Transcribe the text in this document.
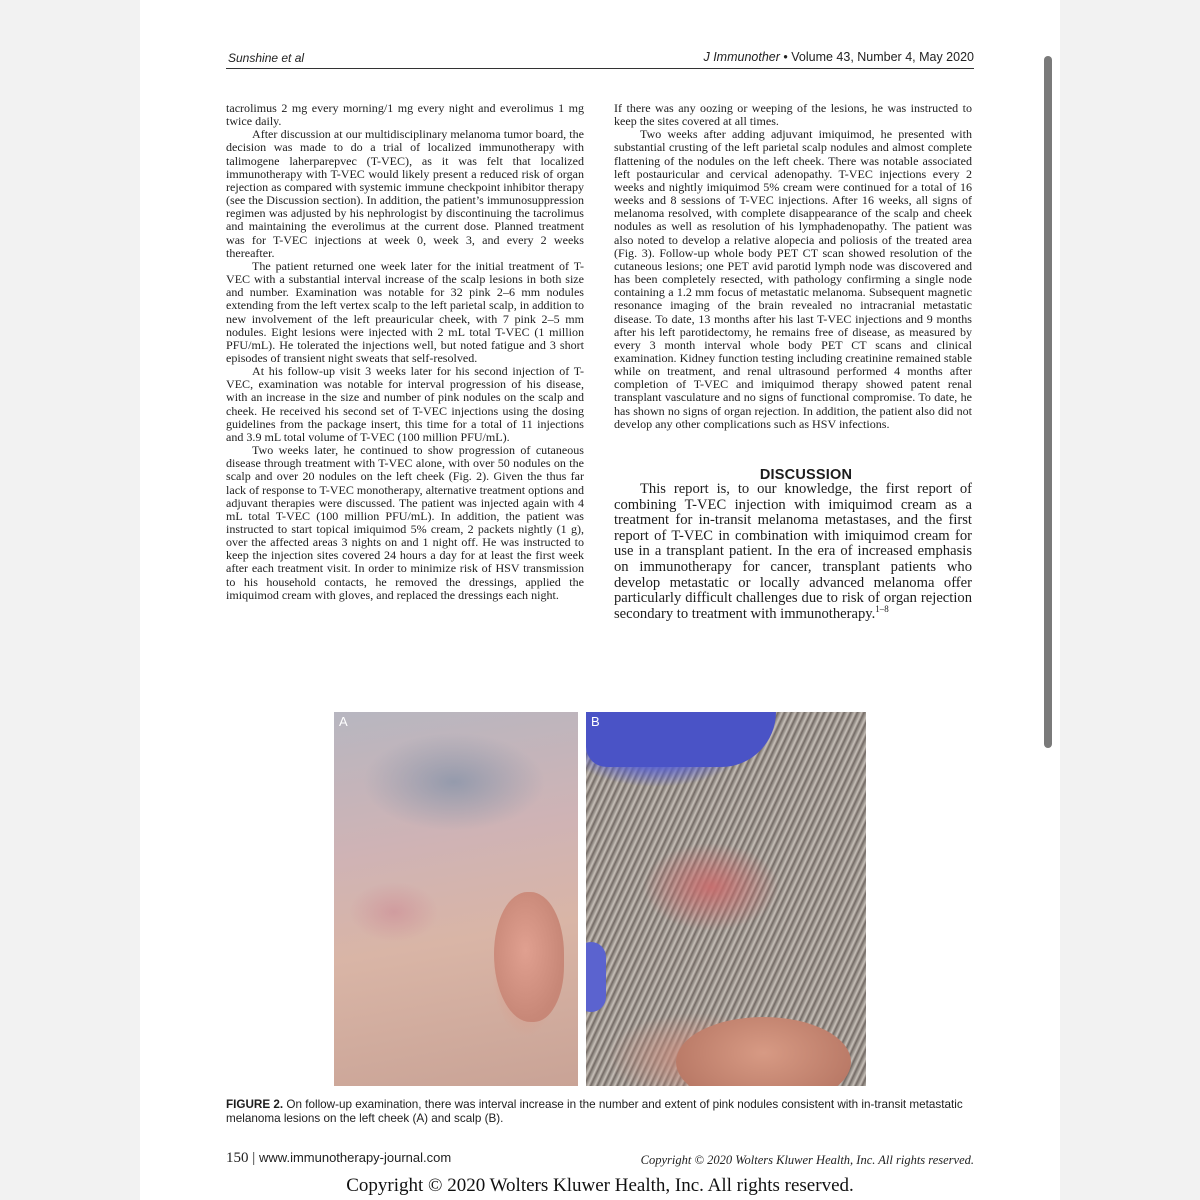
Sunshine et al	J Immunother • Volume 43, Number 4, May 2020

tacrolimus 2 mg every morning/1 mg every night and everolimus 1 mg twice daily.

After discussion at our multidisciplinary melanoma tumor board, the decision was made to do a trial of localized immunotherapy with talimogene laherparepvec (T-VEC), as it was felt that localized immunotherapy with T-VEC would likely present a reduced risk of organ rejection as compared with systemic immune checkpoint inhibitor therapy (see the Discussion section). In addition, the patient’s immunosuppression regimen was adjusted by his nephrologist by discontinuing the tacrolimus and maintaining the everolimus at the current dose. Planned treatment was for T-VEC injections at week 0, week 3, and every 2 weeks thereafter.

The patient returned one week later for the initial treatment of T-VEC with a substantial interval increase of the scalp lesions in both size and number. Examination was notable for 32 pink 2–6 mm nodules extending from the left vertex scalp to the left parietal scalp, in addition to new involvement of the left preauricular cheek, with 7 pink 2–5 mm nodules. Eight lesions were injected with 2 mL total T-VEC (1 million PFU/mL). He tolerated the injections well, but noted fatigue and 3 short episodes of transient night sweats that self-resolved.

At his follow-up visit 3 weeks later for his second injection of T-VEC, examination was notable for interval progression of his disease, with an increase in the size and number of pink nodules on the scalp and cheek. He received his second set of T-VEC injections using the dosing guidelines from the package insert, this time for a total of 11 injections and 3.9 mL total volume of T-VEC (100 million PFU/mL).

Two weeks later, he continued to show progression of cutaneous disease through treatment with T-VEC alone, with over 50 nodules on the scalp and over 20 nodules on the left cheek (Fig. 2). Given the thus far lack of response to T-VEC monotherapy, alternative treatment options and adjuvant therapies were discussed. The patient was injected again with 4 mL total T-VEC (100 million PFU/mL). In addition, the patient was instructed to start topical imiquimod 5% cream, 2 packets nightly (1 g), over the affected areas 3 nights on and 1 night off. He was instructed to keep the injection sites covered 24 hours a day for at least the first week after each treatment visit. In order to minimize risk of HSV transmission to his household contacts, he removed the dressings, applied the imiquimod cream with gloves, and replaced the dressings each night.

If there was any oozing or weeping of the lesions, he was instructed to keep the sites covered at all times.

Two weeks after adding adjuvant imiquimod, he presented with substantial crusting of the left parietal scalp nodules and almost complete flattening of the nodules on the left cheek. There was notable associated left postauricular and cervical adenopathy. T-VEC injections every 2 weeks and nightly imiquimod 5% cream were continued for a total of 16 weeks and 8 sessions of T-VEC injections. After 16 weeks, all signs of melanoma resolved, with complete disappearance of the scalp and cheek nodules as well as resolution of his lymphadenopathy. The patient was also noted to develop a relative alopecia and poliosis of the treated area (Fig. 3). Follow-up whole body PET CT scan showed resolution of the cutaneous lesions; one PET avid parotid lymph node was discovered and has been completely resected, with pathology confirming a single node containing a 1.2 mm focus of metastatic melanoma. Subsequent magnetic resonance imaging of the brain revealed no intracranial metastatic disease. To date, 13 months after his last T-VEC injections and 9 months after his left parotidectomy, he remains free of disease, as measured by every 3 month interval whole body PET CT scans and clinical examination. Kidney function testing including creatinine remained stable while on treatment, and renal ultrasound performed 4 months after completion of T-VEC and imiquimod therapy showed patent renal transplant vasculature and no signs of functional compromise. To date, he has shown no signs of organ rejection. In addition, the patient also did not develop any other complications such as HSV infections.

DISCUSSION

This report is, to our knowledge, the first report of combining T-VEC injection with imiquimod cream as a treatment for in-transit melanoma metastases, and the first report of T-VEC in combination with imiquimod cream for use in a transplant patient. In the era of increased emphasis on immunotherapy for cancer, transplant patients who develop metastatic or locally advanced melanoma offer particularly difficult challenges due to risk of organ rejection secondary to treatment with immunotherapy.$^{1-8}$

A	B
FIGURE 2. On follow-up examination, there was interval increase in the number and extent of pink nodules consistent with in-transit metastatic melanoma lesions on the left cheek (A) and scalp (B).
150 | www.immunotherapy-journal.com	Copyright © 2020 Wolters Kluwer Health, Inc. All rights reserved.
Copyright © 2020 Wolters Kluwer Health, Inc. All rights reserved.
